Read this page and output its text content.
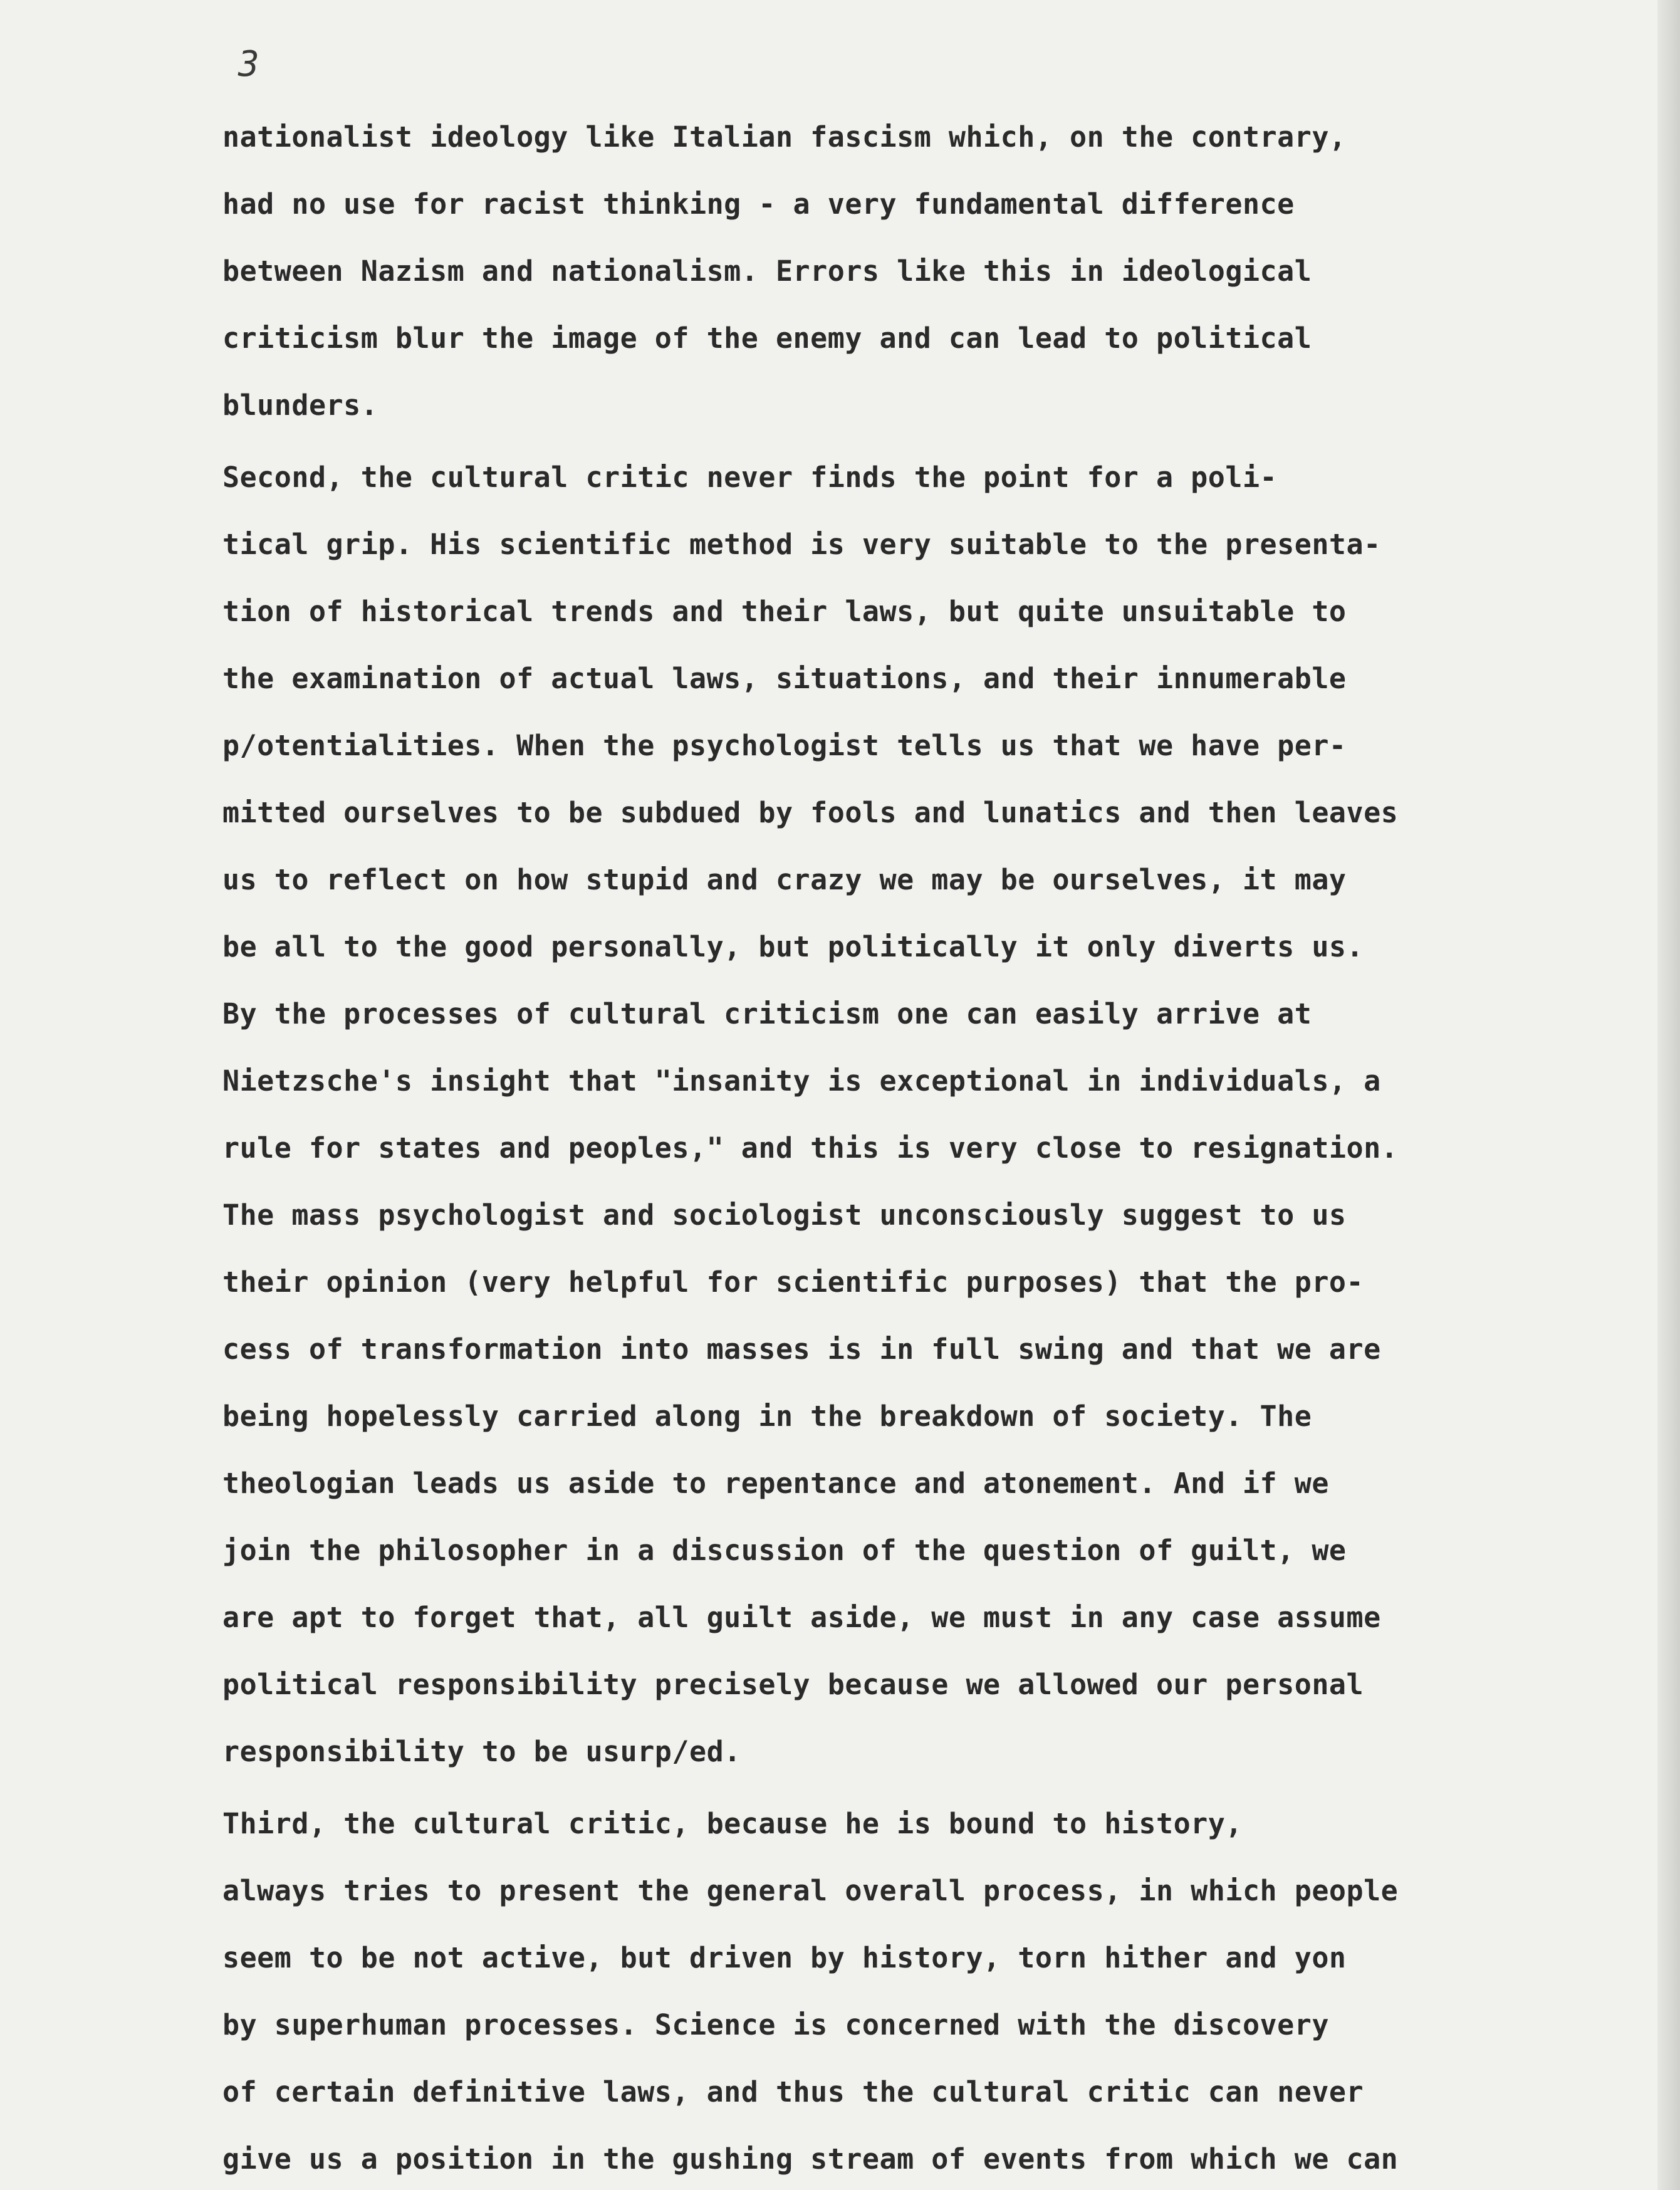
3

nationalist ideology like Italian fascism which, on the contrary,
had no use for racist thinking - a very fundamental difference
between Nazism and nationalism. Errors like this in ideological
criticism blur the image of the enemy and can lead to political
blunders.
Second, the cultural critic never finds the point for a poli-
tical grip. His scientific method is very suitable to the presenta-
tion of historical trends and their laws, but quite unsuitable to
the examination of actual laws, situations, and their innumerable
p/otentialities. When the psychologist tells us that we have per-
mitted ourselves to be subdued by fools and lunatics and then leaves
us to reflect on how stupid and crazy we may be ourselves, it may
be all to the good personally, but politically it only diverts us.
By the processes of cultural criticism one can easily arrive at
Nietzsche's insight that "insanity is exceptional in individuals, a
rule for states and peoples," and this is very close to resignation.
The mass psychologist and sociologist unconsciously suggest to us
their opinion (very helpful for scientific purposes) that the pro-
cess of transformation into masses is in full swing and that we are
being hopelessly carried along in the breakdown of society. The
theologian leads us aside to repentance and atonement. And if we
join the philosopher in a discussion of the question of guilt, we
are apt to forget that, all guilt aside, we must in any case assume
political responsibility precisely because we allowed our personal
responsibility to be usurp/ed.
Third, the cultural critic, because he is bound to history,
always tries to present the general overall process, in which people
seem to be not active, but driven by history, torn hither and yon
by superhuman processes. Science is concerned with the discovery
of certain definitive laws, and thus the cultural critic can never
give us a position in the gushing stream of events from which we can
